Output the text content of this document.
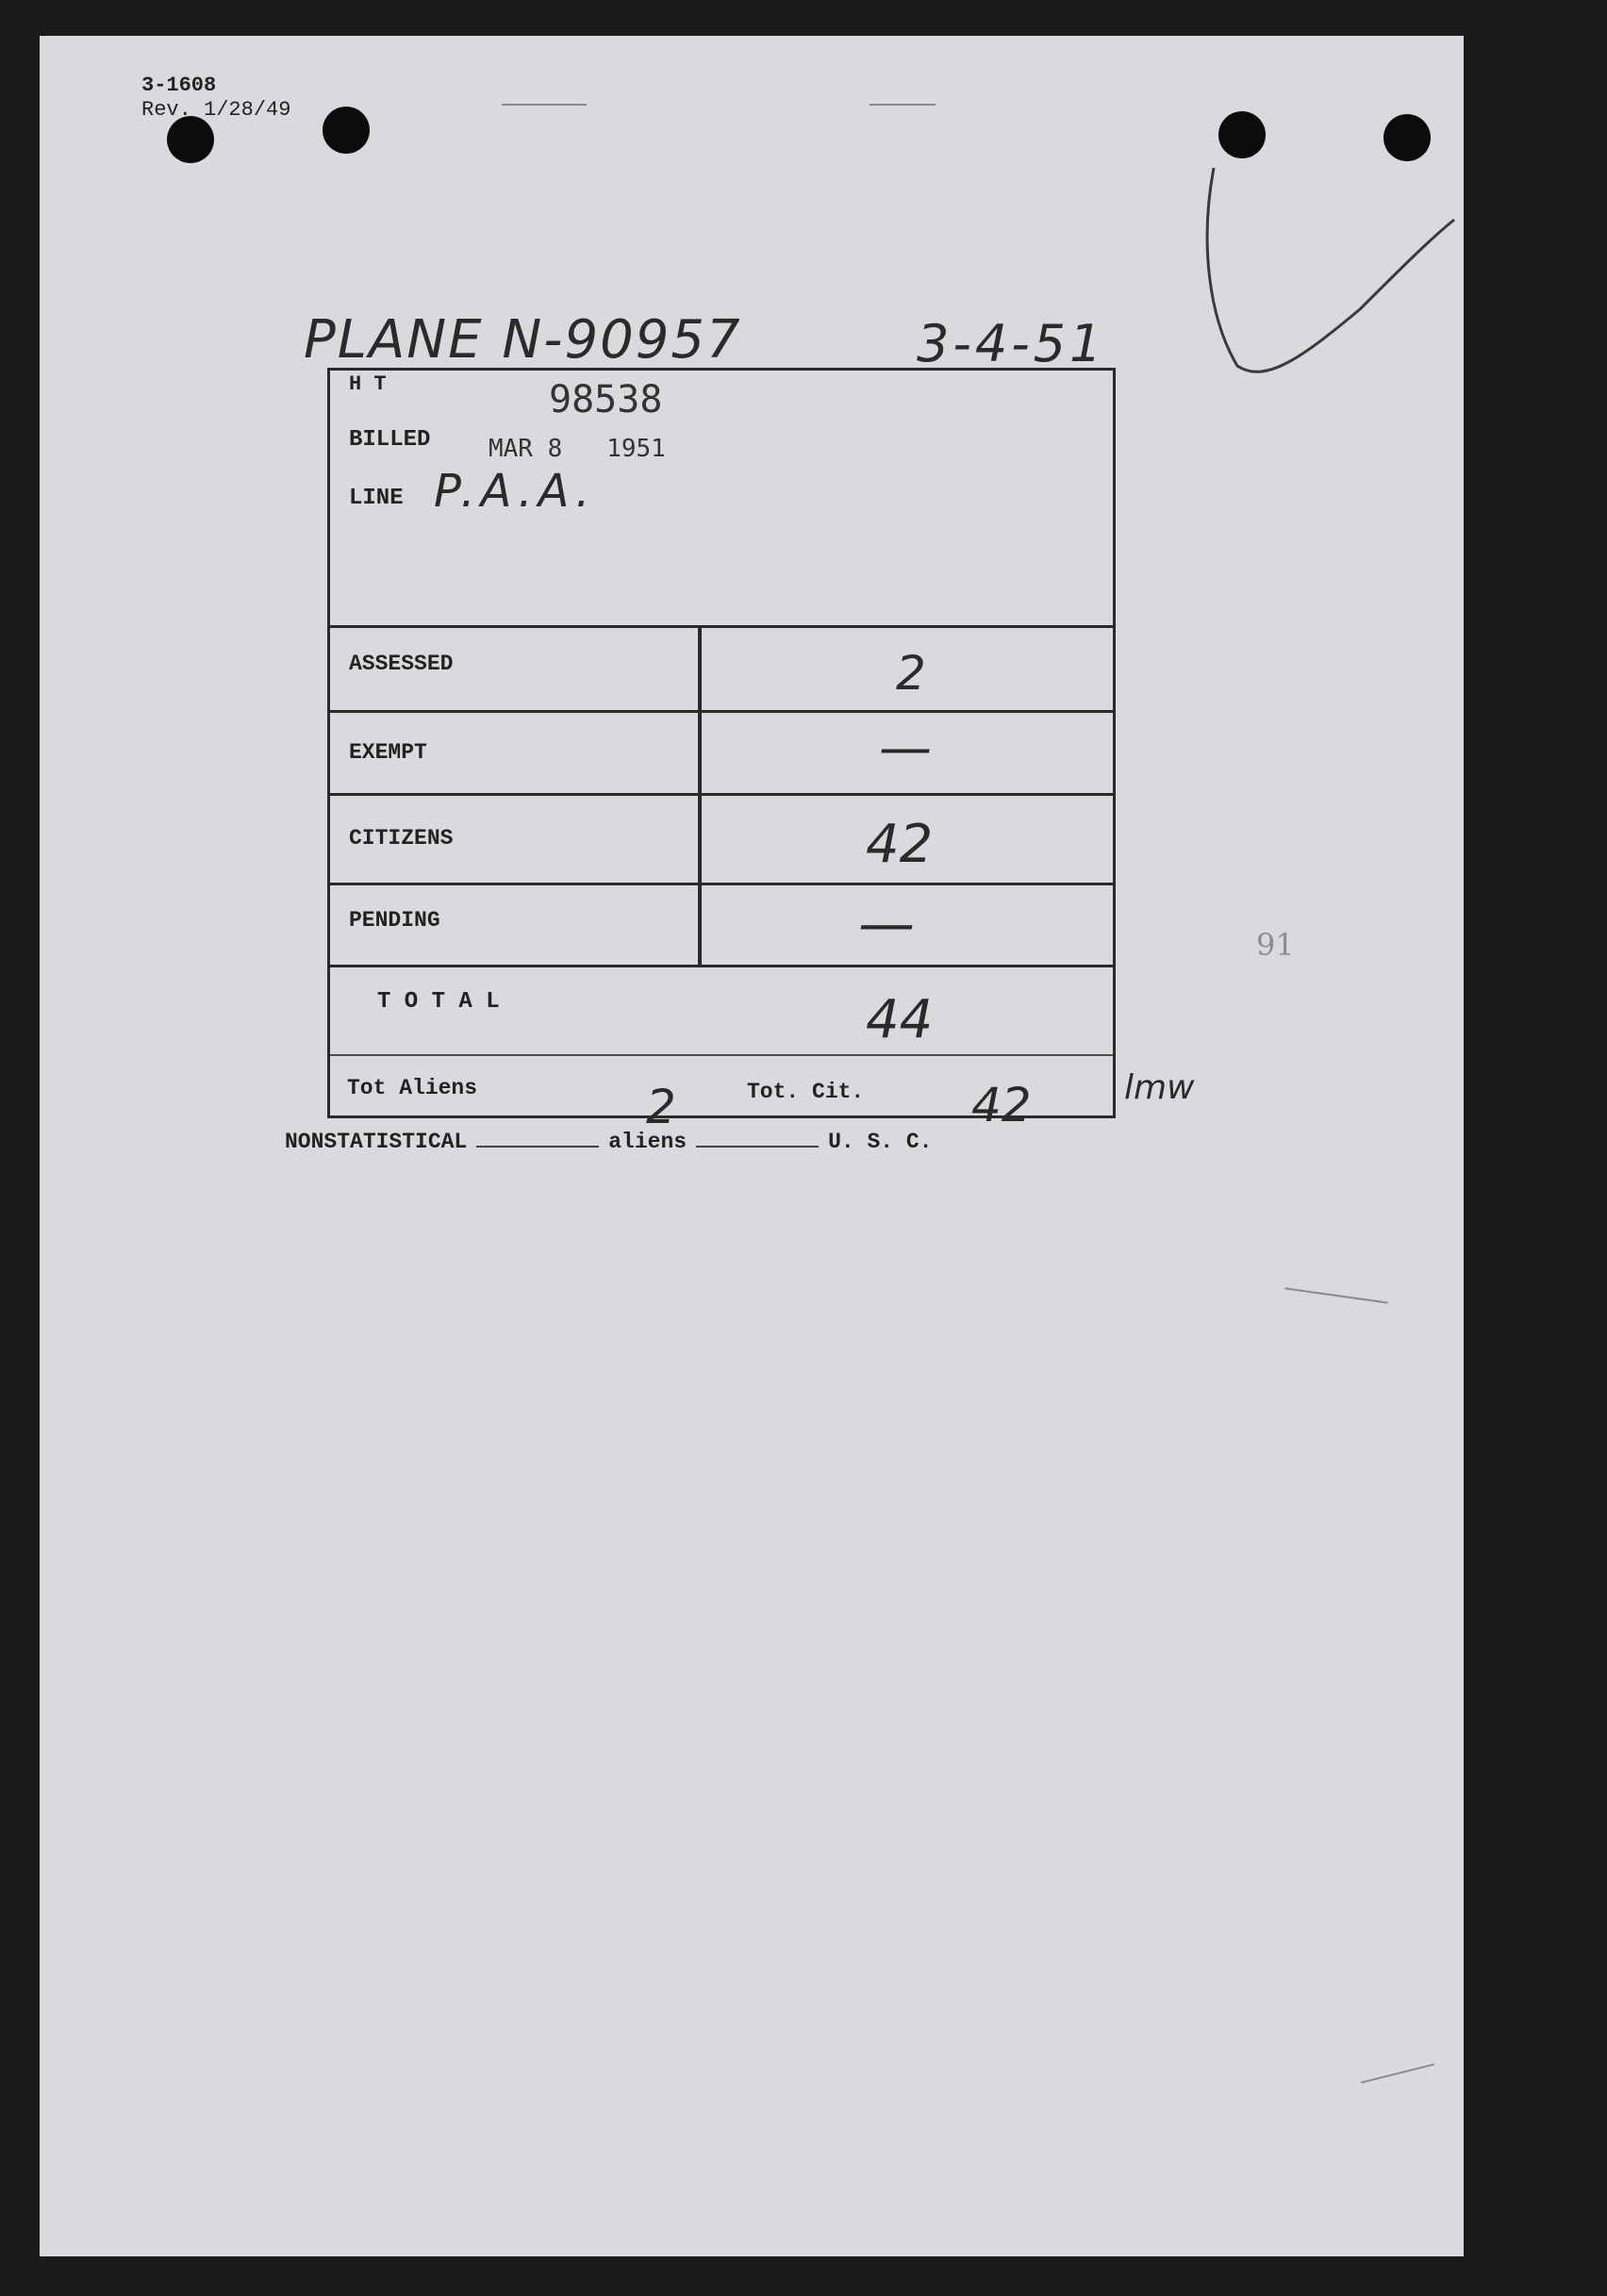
3-1608
Rev. 1/28/49
PLANE N-90957	3-4-51
H T	98538
BILLED MAR 8   1951
LINE P.A.A.
ASSESSED	2
EXEMPT	—
CITIZENS	42
PENDING	—
T O T A L	44
Tot Aliens	2	Tot. Cit. 42	lmw
91
NONSTATISTICAL	aliens	U. S. C.
